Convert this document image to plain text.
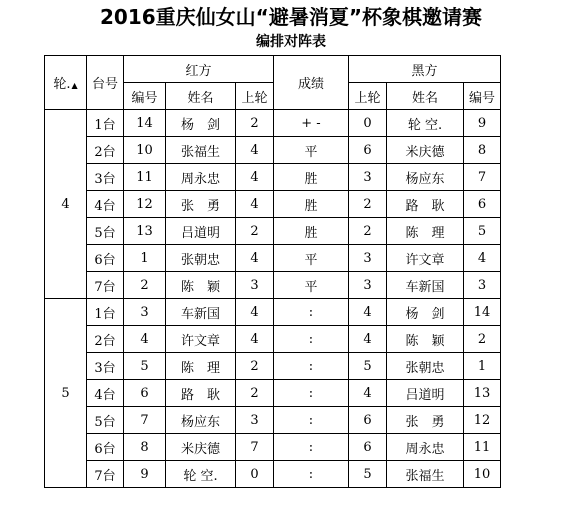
2016重庆仙女山“避暑消夏”杯象棋邀请赛
编排对阵表
轮.▲	台号	红方			成绩	黑方		
		编号	姓名	上轮		上轮	姓名	编号
4	1台	14	杨　剑	2	+ -	0	轮 空.	9
	2台	10	张福生	4	平	6	米庆德	8
	3台	11	周永忠	4	胜	3	杨应东	7
	4台	12	张　勇	4	胜	2	路　耿	6
	5台	13	吕道明	2	胜	2	陈　理	5
	6台	1	张朝忠	4	平	3	许文章	4
	7台	2	陈　颖	3	平	3	车新国	3
5	1台	3	车新国	4	:	4	杨　剑	14
	2台	4	许文章	4	:	4	陈　颖	2
	3台	5	陈　理	2	:	5	张朝忠	1
	4台	6	路　耿	2	:	4	吕道明	13
	5台	7	杨应东	3	:	6	张　勇	12
	6台	8	米庆德	7	:	6	周永忠	11
	7台	9	轮 空.	0	:	5	张福生	10
